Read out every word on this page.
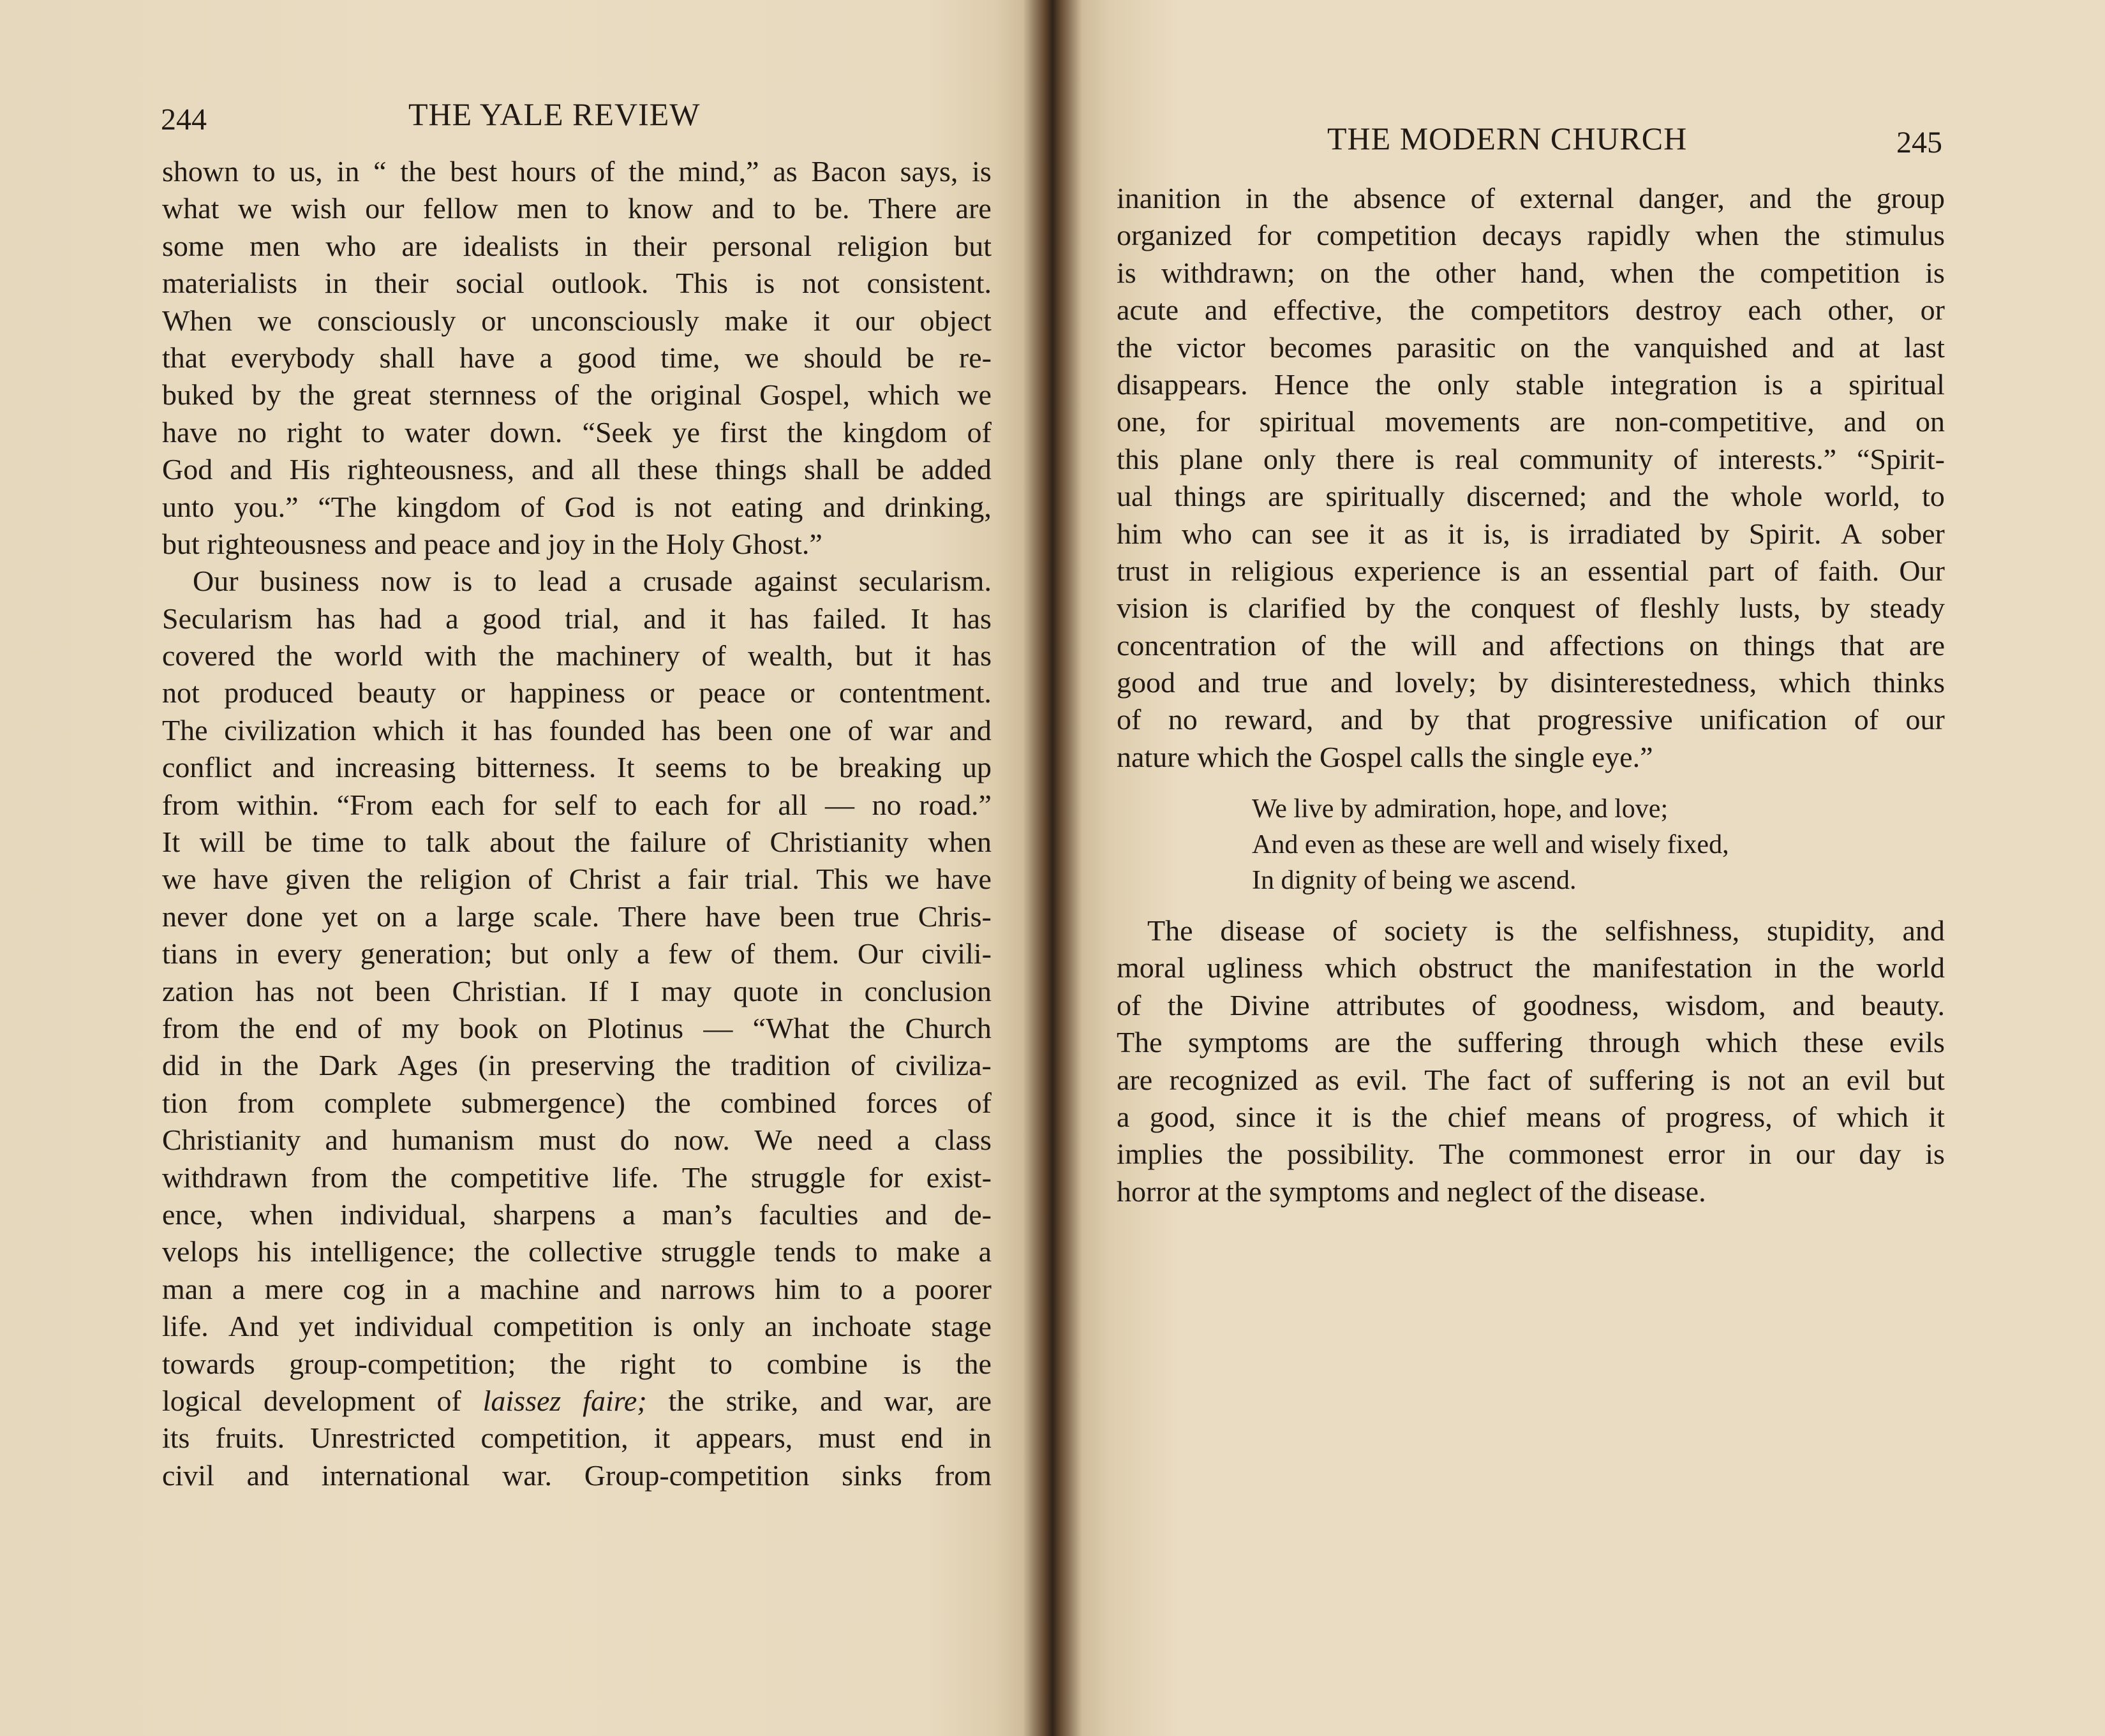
244	THE YALE REVIEW
shown to us, in “ the best hours of the mind,” as Bacon says, is
what we wish our fellow men to know and to be. There are
some men who are idealists in their personal religion but
materialists in their social outlook. This is not consistent.
When we consciously or unconsciously make it our object
that everybody shall have a good time, we should be re-
buked by the great sternness of the original Gospel, which we
have no right to water down. “Seek ye first the kingdom of
God and His righteousness, and all these things shall be added
unto you.” “The kingdom of God is not eating and drinking,
but righteousness and peace and joy in the Holy Ghost.”
Our business now is to lead a crusade against secularism.
Secularism has had a good trial, and it has failed. It has
covered the world with the machinery of wealth, but it has
not produced beauty or happiness or peace or contentment.
The civilization which it has founded has been one of war and
conflict and increasing bitterness. It seems to be breaking up
from within. “From each for self to each for all — no road.”
It will be time to talk about the failure of Christianity when
we have given the religion of Christ a fair trial. This we have
never done yet on a large scale. There have been true Chris-
tians in every generation; but only a few of them. Our civili-
zation has not been Christian. If I may quote in conclusion
from the end of my book on Plotinus — “What the Church
did in the Dark Ages (in preserving the tradition of civiliza-
tion from complete submergence) the combined forces of
Christianity and humanism must do now. We need a class
withdrawn from the competitive life. The struggle for exist-
ence, when individual, sharpens a man’s faculties and de-
velops his intelligence; the collective struggle tends to make a
man a mere cog in a machine and narrows him to a poorer
life. And yet individual competition is only an inchoate stage
towards group-competition; the right to combine is the
logical development of laissez faire; the strike, and war, are
its fruits. Unrestricted competition, it appears, must end in
civil and international war. Group-competition sinks from
THE MODERN CHURCH	245
inanition in the absence of external danger, and the group
organized for competition decays rapidly when the stimulus
is withdrawn; on the other hand, when the competition is
acute and effective, the competitors destroy each other, or
the victor becomes parasitic on the vanquished and at last
disappears. Hence the only stable integration is a spiritual
one, for spiritual movements are non-competitive, and on
this plane only there is real community of interests.” “Spirit-
ual things are spiritually discerned; and the whole world, to
him who can see it as it is, is irradiated by Spirit. A sober
trust in religious experience is an essential part of faith. Our
vision is clarified by the conquest of fleshly lusts, by steady
concentration of the will and affections on things that are
good and true and lovely; by disinterestedness, which thinks
of no reward, and by that progressive unification of our
nature which the Gospel calls the single eye.”
We live by admiration, hope, and love;
And even as these are well and wisely fixed,
In dignity of being we ascend.
The disease of society is the selfishness, stupidity, and
moral ugliness which obstruct the manifestation in the world
of the Divine attributes of goodness, wisdom, and beauty.
The symptoms are the suffering through which these evils
are recognized as evil. The fact of suffering is not an evil but
a good, since it is the chief means of progress, of which it
implies the possibility. The commonest error in our day is
horror at the symptoms and neglect of the disease.
